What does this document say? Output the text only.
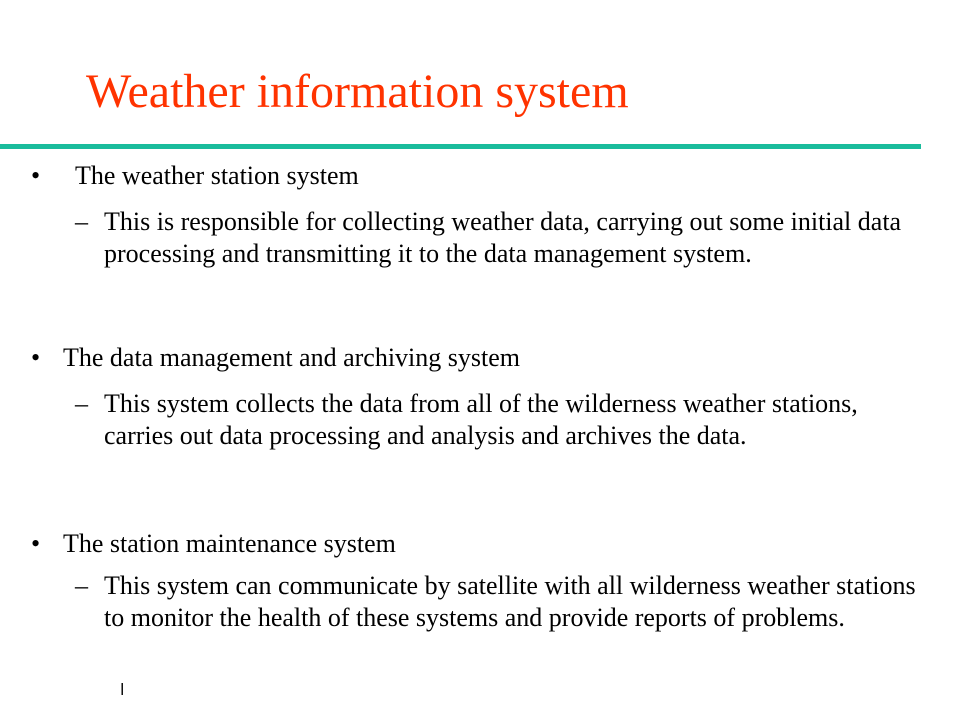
Weather information system
• The weather station system
– This is responsible for collecting weather data, carrying out some initial data processing and transmitting it to the data management system.
• The data management and archiving system
– This system collects the data from all of the wilderness weather stations, carries out data processing and analysis and archives the data.
• The station maintenance system
– This system can communicate by satellite with all wilderness weather stations to monitor the health of these systems and provide reports of problems.
l
